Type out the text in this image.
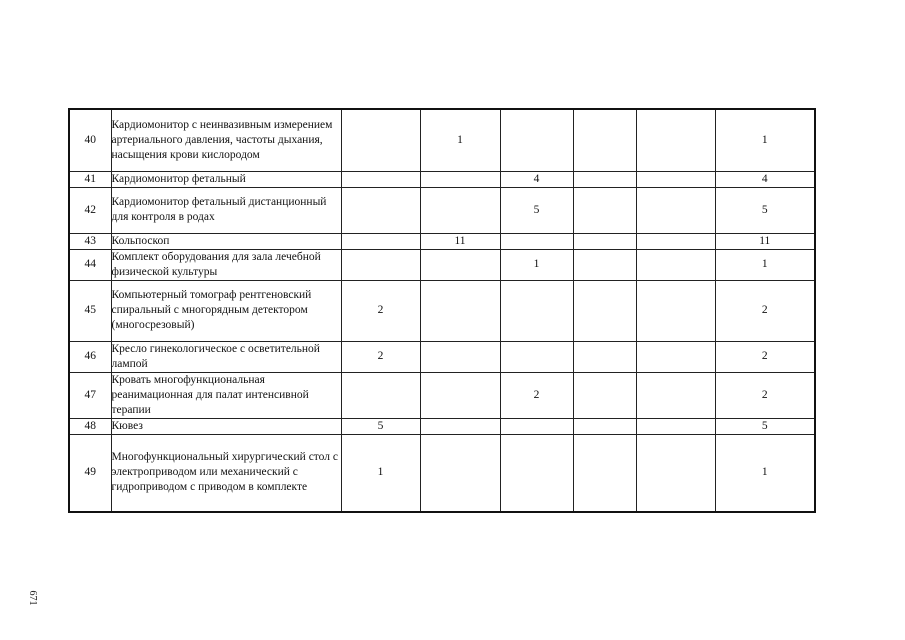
40	Кардиомонитор с неинвазивным измерением артериального давления, частоты дыхания, насыщения крови кислородом		1				1
41	Кардиомонитор фетальный			4			4
42	Кардиомонитор фетальный дистанционный для контроля в родах			5			5
43	Кольпоскоп		11				11
44	Комплект оборудования для зала лечебной физической культуры			1			1
45	Компьютерный томограф рентгеновский спиральный с многорядным детектором (многосрезовый)	2					2
46	Кресло гинекологическое с осветительной лампой	2					2
47	Кровать многофункциональная реанимационная для палат интенсивной терапии			2			2
48	Кювез	5					5
49	Многофункциональный хирургический стол с электроприводом или механический с гидроприводом с приводом в комплекте	1					1
671
